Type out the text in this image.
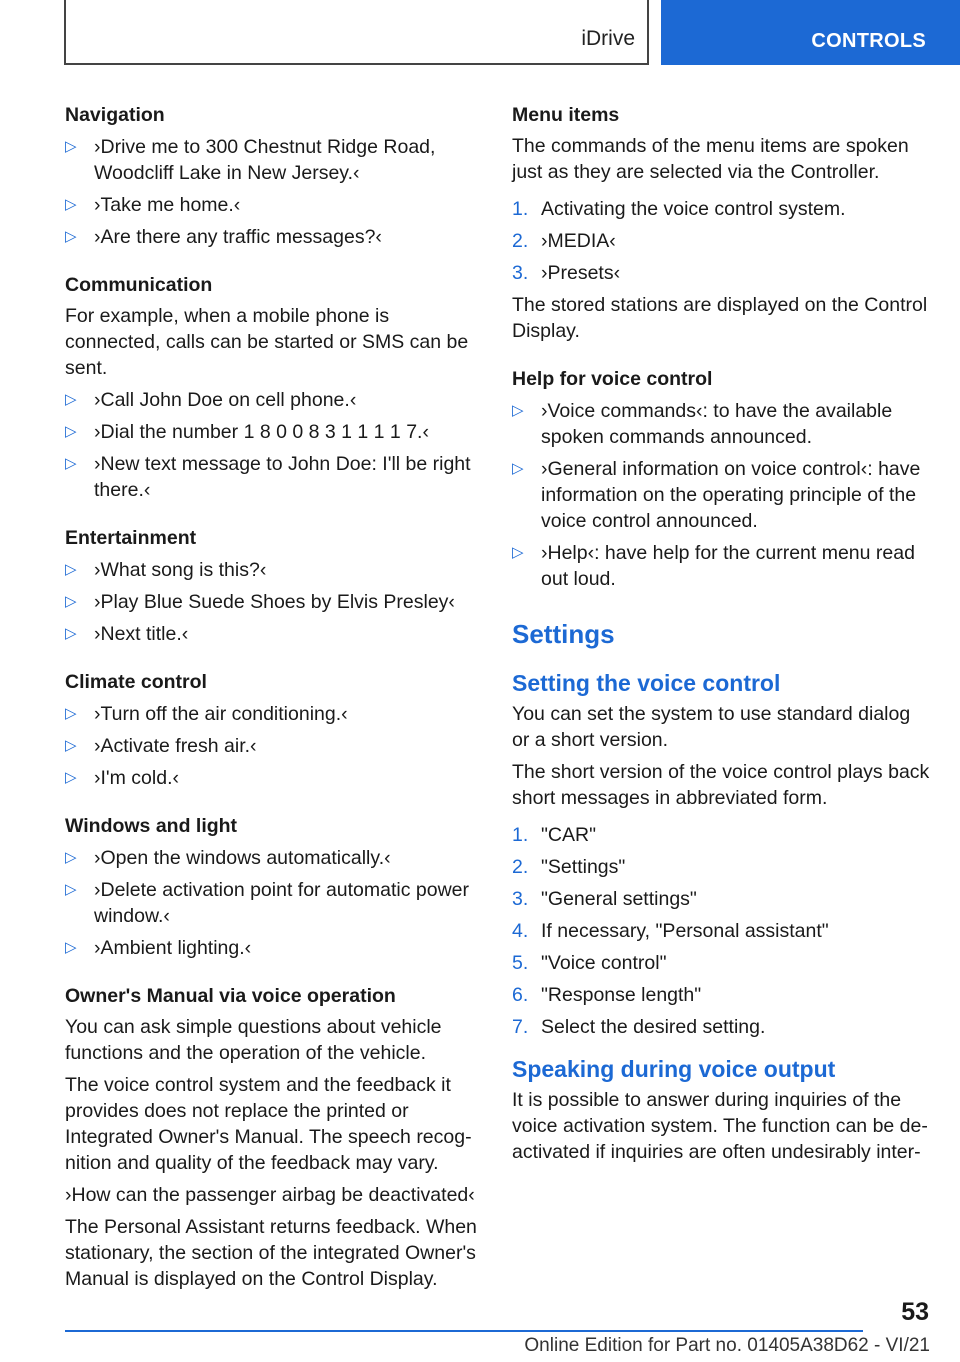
iDrive	CONTROLS
Navigation
▷ ›Drive me to 300 Chestnut Ridge Road, Woodcliff Lake in New Jersey.‹
▷ ›Take me home.‹
▷ ›Are there any traffic messages?‹
Communication
For example, when a mobile phone is connected, calls can be started or SMS can be sent.
▷ ›Call John Doe on cell phone.‹
▷ ›Dial the number 1 8 0 0 8 3 1 1 1 1 7.‹
▷ ›New text message to John Doe: I'll be right there.‹
Entertainment
▷ ›What song is this?‹
▷ ›Play Blue Suede Shoes by Elvis Presley‹
▷ ›Next title.‹
Climate control
▷ ›Turn off the air conditioning.‹
▷ ›Activate fresh air.‹
▷ ›I'm cold.‹
Windows and light
▷ ›Open the windows automatically.‹
▷ ›Delete activation point for automatic power window.‹
▷ ›Ambient lighting.‹
Owner's Manual via voice operation
You can ask simple questions about vehicle functions and the operation of the vehicle.
The voice control system and the feedback it provides does not replace the printed or Integrated Owner's Manual. The speech recognition and quality of the feedback may vary.
›How can the passenger airbag be deactivated‹
The Personal Assistant returns feedback. When stationary, the section of the integrated Owner's Manual is displayed on the Control Display.
Menu items
The commands of the menu items are spoken just as they are selected via the Controller.
1. Activating the voice control system.
2. ›MEDIA‹
3. ›Presets‹
The stored stations are displayed on the Control Display.
Help for voice control
▷ ›Voice commands‹: to have the available spoken commands announced.
▷ ›General information on voice control‹: have information on the operating principle of the voice control announced.
▷ ›Help‹: have help for the current menu read out loud.
Settings
Setting the voice control
You can set the system to use standard dialog or a short version.
The short version of the voice control plays back short messages in abbreviated form.
1. "CAR"
2. "Settings"
3. "General settings"
4. If necessary, "Personal assistant"
5. "Voice control"
6. "Response length"
7. Select the desired setting.
Speaking during voice output
It is possible to answer during inquiries of the voice activation system. The function can be deactivated if inquiries are often undesirably inter-
53
Online Edition for Part no. 01405A38D62 - VI/21
